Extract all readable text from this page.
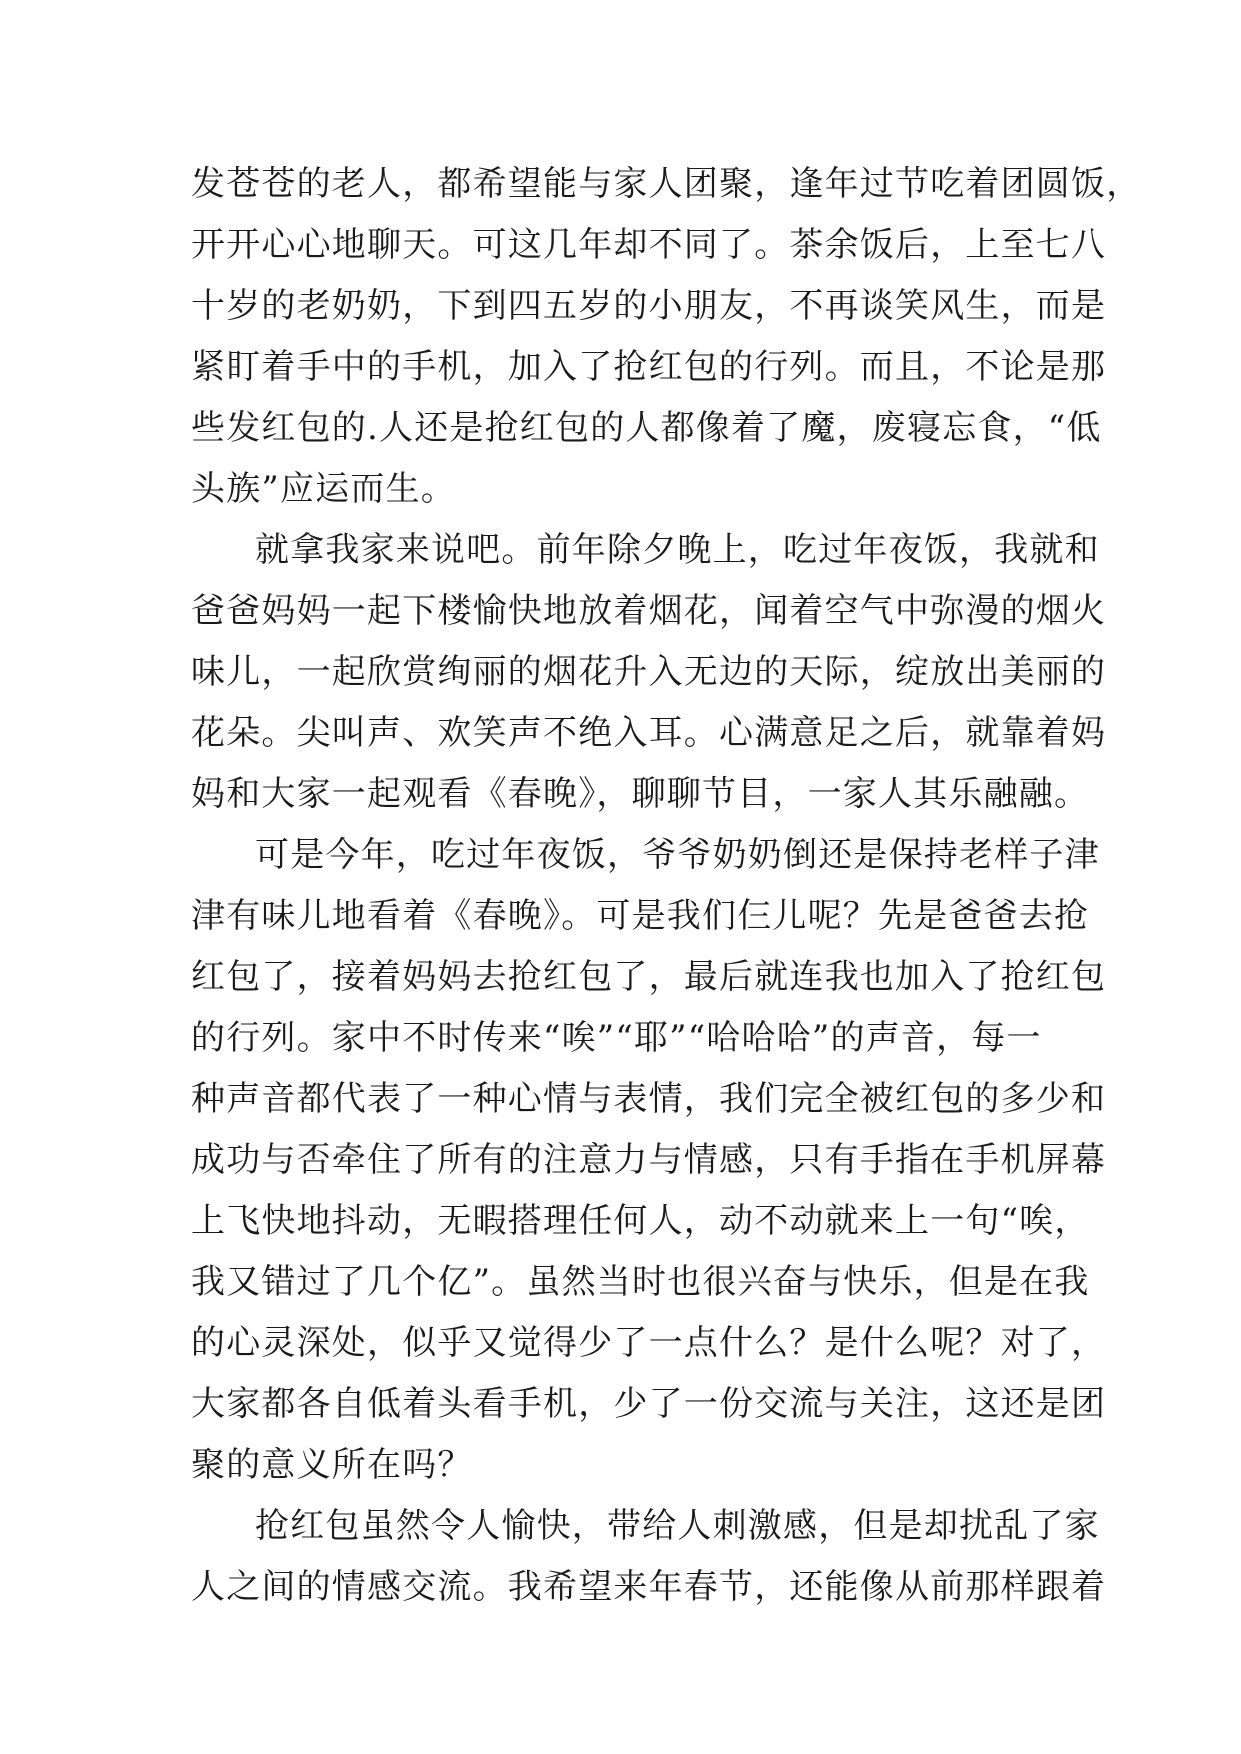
发苍苍的老人，都希望能与家人团聚，逢年过节吃着团圆饭，
开开心心地聊天。可这几年却不同了。茶余饭后，上至七八
十岁的老奶奶，下到四五岁的小朋友，不再谈笑风生，而是
紧盯着手中的手机，加入了抢红包的行列。而且，不论是那
些发红包的.人还是抢红包的人都像着了魔，废寝忘食，“低
头族”应运而生。
就拿我家来说吧。前年除夕晚上，吃过年夜饭，我就和
爸爸妈妈一起下楼愉快地放着烟花，闻着空气中弥漫的烟火
味儿，一起欣赏绚丽的烟花升入无边的天际，绽放出美丽的
花朵。尖叫声、欢笑声不绝入耳。心满意足之后，就靠着妈
妈和大家一起观看《春晚》，聊聊节目，一家人其乐融融。
可是今年，吃过年夜饭，爷爷奶奶倒还是保持老样子津
津有味儿地看着《春晚》。可是我们仨儿呢？先是爸爸去抢
红包了，接着妈妈去抢红包了，最后就连我也加入了抢红包
的行列。家中不时传来“唉”“耶”“哈哈哈”的声音，每一
种声音都代表了一种心情与表情，我们完全被红包的多少和
成功与否牵住了所有的注意力与情感，只有手指在手机屏幕
上飞快地抖动，无暇搭理任何人，动不动就来上一句“唉，
我又错过了几个亿”。虽然当时也很兴奋与快乐，但是在我
的心灵深处，似乎又觉得少了一点什么？是什么呢？对了，
大家都各自低着头看手机，少了一份交流与关注，这还是团
聚的意义所在吗？
抢红包虽然令人愉快，带给人刺激感，但是却扰乱了家
人之间的情感交流。我希望来年春节，还能像从前那样跟着
